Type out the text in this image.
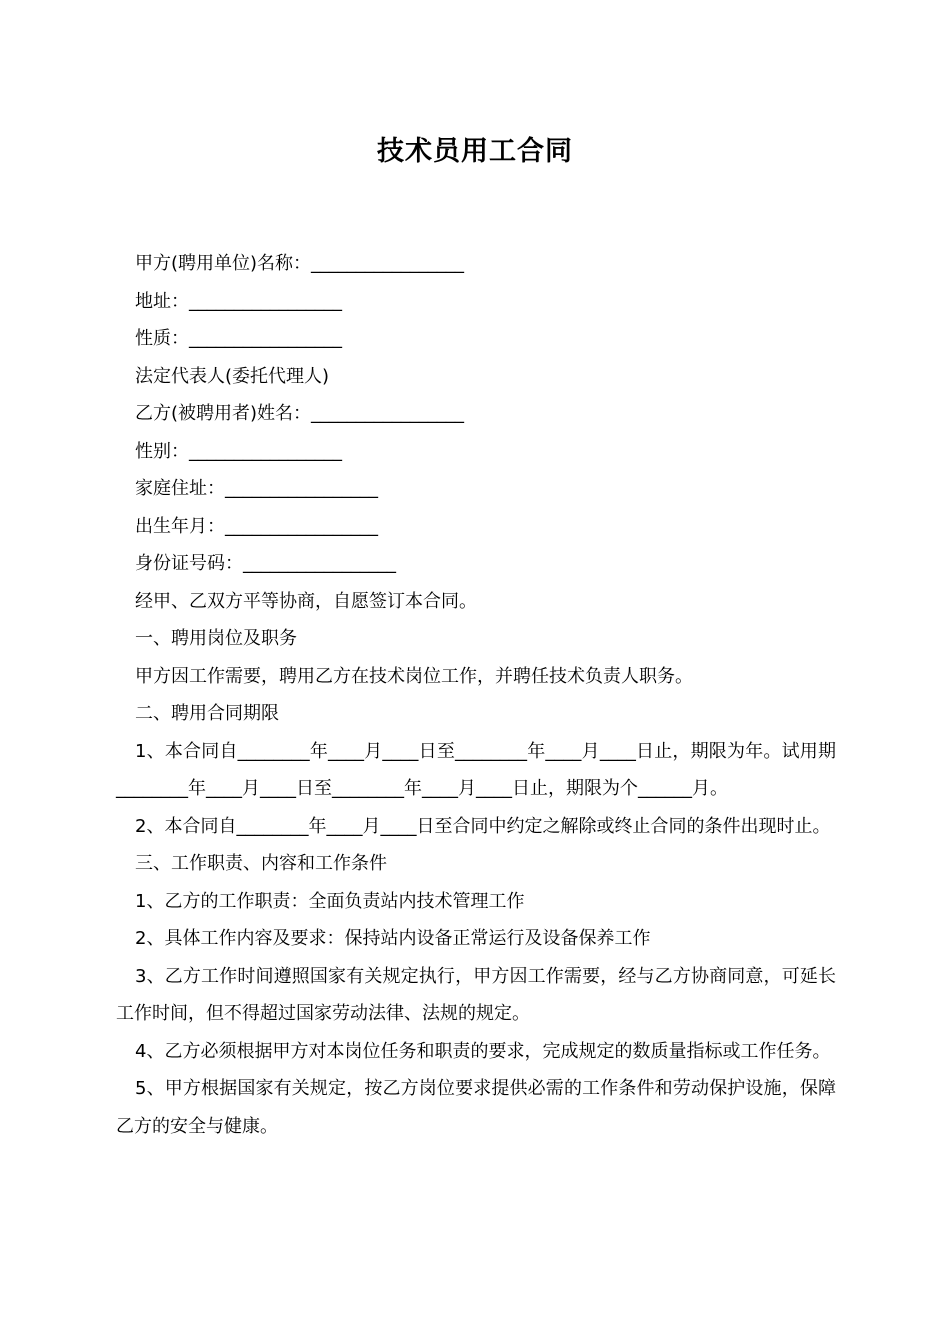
技术员用工合同

甲方(聘用单位)名称：_________________

地址：_________________

性质：_________________

法定代表人(委托代理人)

乙方(被聘用者)姓名：_________________

性别：_________________

家庭住址：_________________

出生年月：_________________

身份证号码：_________________

经甲、乙双方平等协商，自愿签订本合同。

一、聘用岗位及职务

甲方因工作需要，聘用乙方在技术岗位工作，并聘任技术负责人职务。

二、聘用合同期限

1、本合同自________年____月____日至________年____月____日止，期限为年。试用期________年____月____日至________年____月____日止，期限为个______月。

2、本合同自________年____月____日至合同中约定之解除或终止合同的条件出现时止。

三、工作职责、内容和工作条件

1、乙方的工作职责：全面负责站内技术管理工作

2、具体工作内容及要求：保持站内设备正常运行及设备保养工作

3、乙方工作时间遵照国家有关规定执行，甲方因工作需要，经与乙方协商同意，可延长工作时间，但不得超过国家劳动法律、法规的规定。

4、乙方必须根据甲方对本岗位任务和职责的要求，完成规定的数质量指标或工作任务。

5、甲方根据国家有关规定，按乙方岗位要求提供必需的工作条件和劳动保护设施，保障乙方的安全与健康。
